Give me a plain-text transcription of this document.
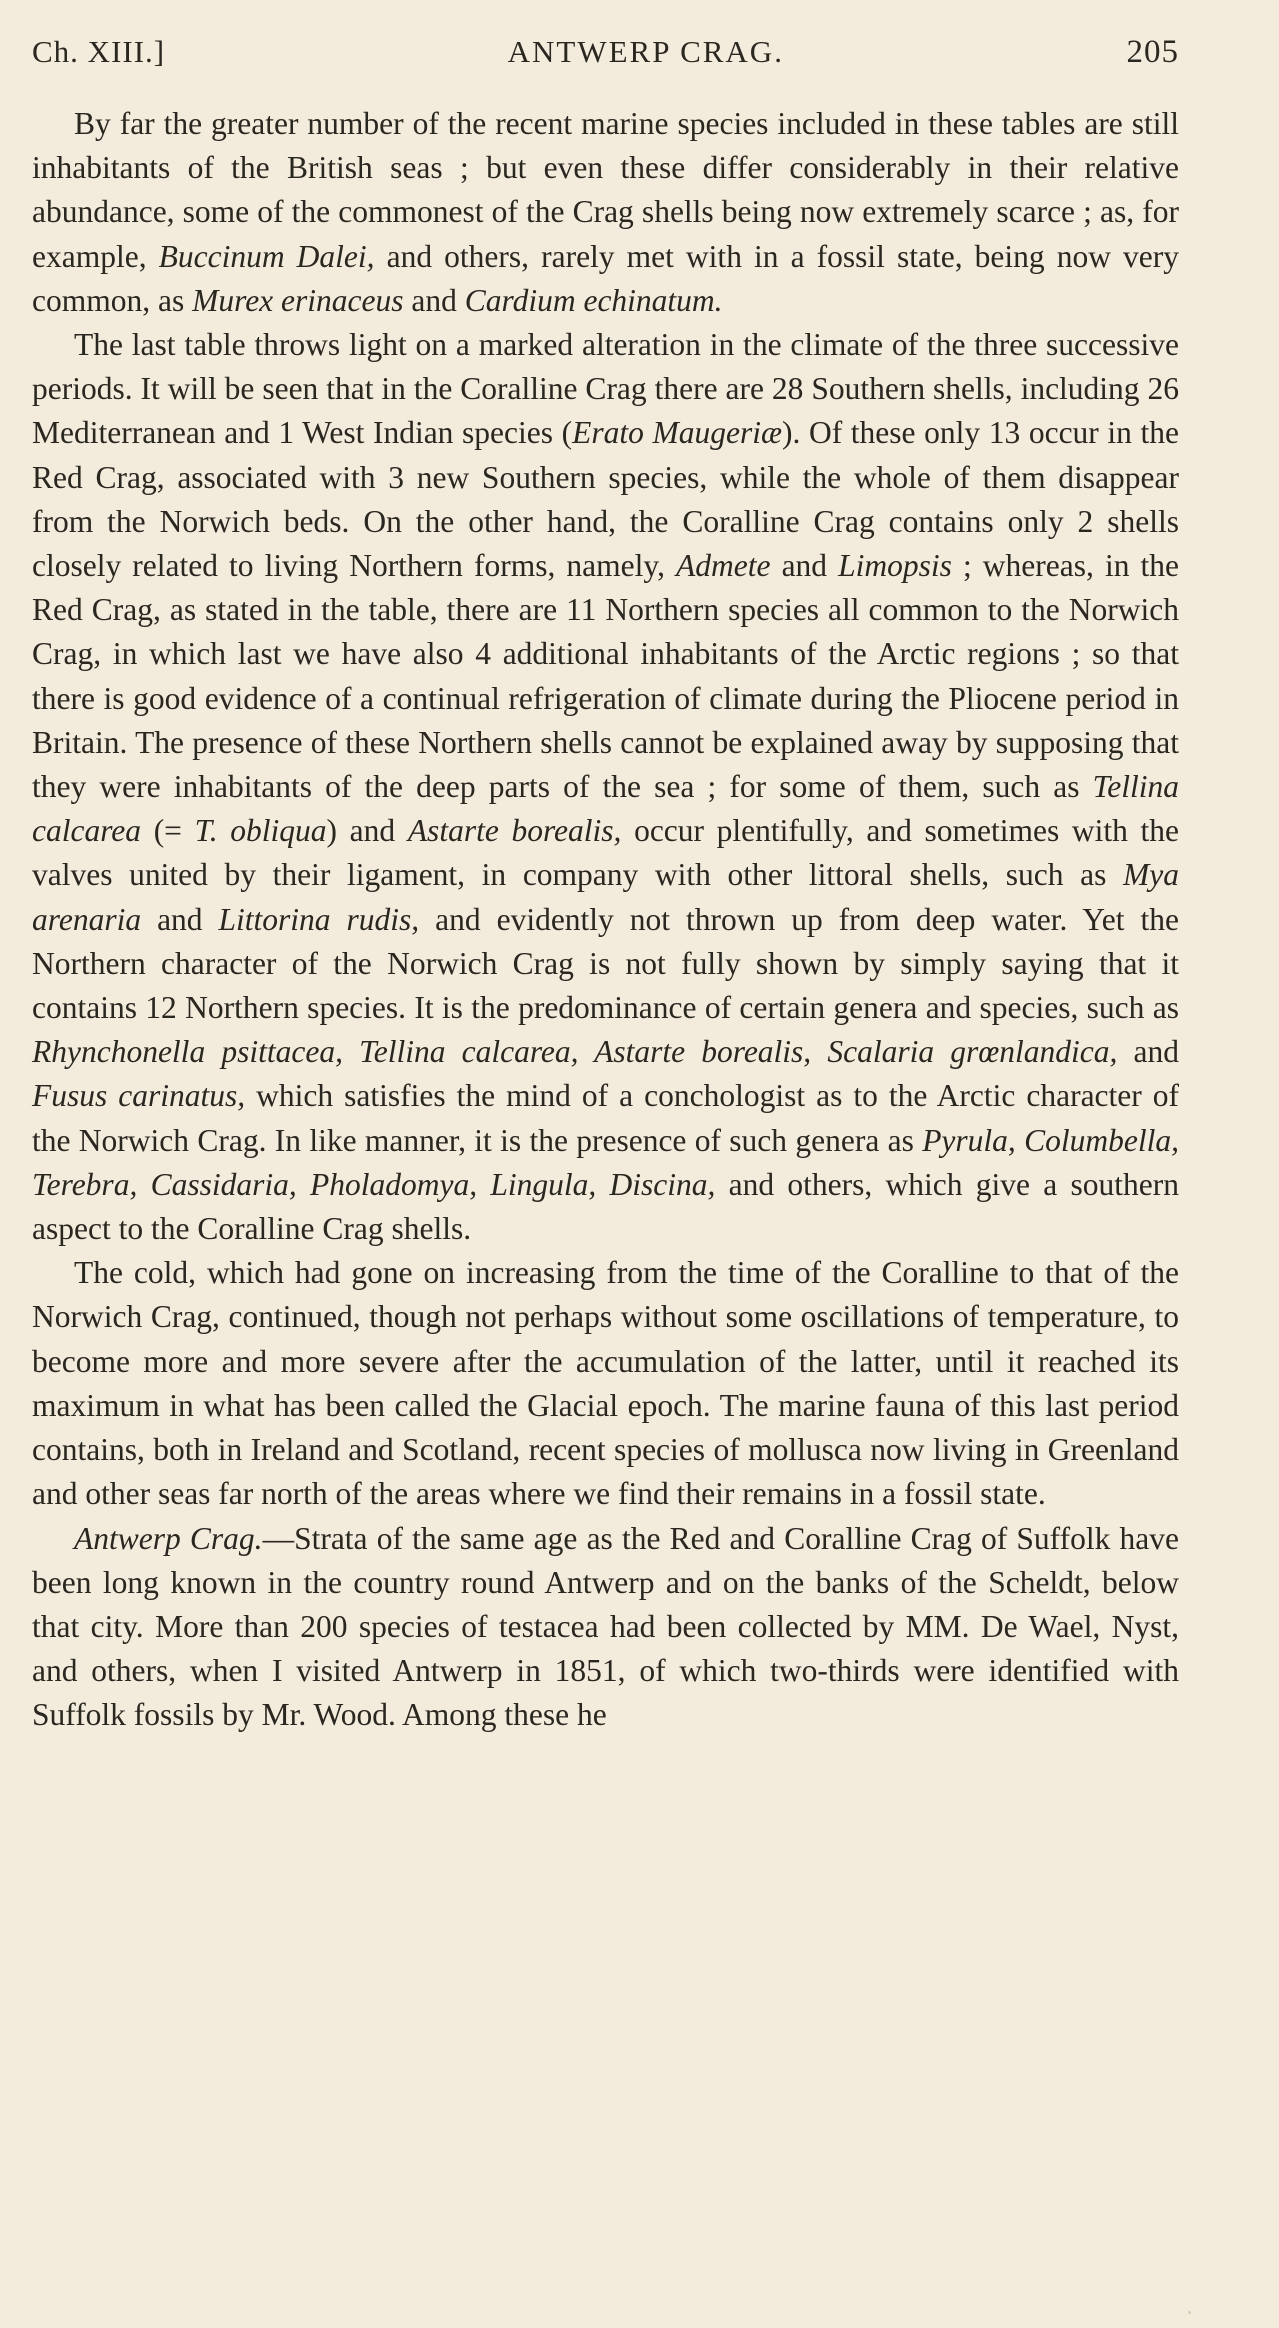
Ch. XIII.]	ANTWERP CRAG.	205

By far the greater number of the recent marine species included in these tables are still inhabitants of the British seas ; but even these differ considerably in their relative abundance, some of the commonest of the Crag shells being now extremely scarce ; as, for example, Buccinum Dalei, and others, rarely met with in a fossil state, being now very common, as Murex erinaceus and Cardium echinatum.

The last table throws light on a marked alteration in the climate of the three successive periods. It will be seen that in the Coralline Crag there are 28 Southern shells, including 26 Mediterranean and 1 West Indian species (Erato Maugeriæ). Of these only 13 occur in the Red Crag, associated with 3 new Southern species, while the whole of them disappear from the Norwich beds. On the other hand, the Coralline Crag contains only 2 shells closely related to living Northern forms, namely, Admete and Limopsis ; whereas, in the Red Crag, as stated in the table, there are 11 Northern species all common to the Norwich Crag, in which last we have also 4 additional inhabitants of the Arctic regions ; so that there is good evidence of a continual refrigeration of climate during the Pliocene period in Britain. The presence of these Northern shells cannot be explained away by supposing that they were inhabitants of the deep parts of the sea ; for some of them, such as Tellina calcarea (= T. obliqua) and Astarte borealis, occur plentifully, and sometimes with the valves united by their ligament, in company with other littoral shells, such as Mya arenaria and Littorina rudis, and evidently not thrown up from deep water. Yet the Northern character of the Norwich Crag is not fully shown by simply saying that it contains 12 Northern species. It is the predominance of certain genera and species, such as Rhynchonella psittacea, Tellina calcarea, Astarte borealis, Scalaria grœnlandica, and Fusus carinatus, which satisfies the mind of a conchologist as to the Arctic character of the Norwich Crag. In like manner, it is the presence of such genera as Pyrula, Columbella, Terebra, Cassidaria, Pholadomya, Lingula, Discina, and others, which give a southern aspect to the Coralline Crag shells.

The cold, which had gone on increasing from the time of the Coralline to that of the Norwich Crag, continued, though not perhaps without some oscillations of temperature, to become more and more severe after the accumulation of the latter, until it reached its maximum in what has been called the Glacial epoch. The marine fauna of this last period contains, both in Ireland and Scotland, recent species of mollusca now living in Greenland and other seas far north of the areas where we find their remains in a fossil state.

Antwerp Crag.—Strata of the same age as the Red and Coralline Crag of Suffolk have been long known in the country round Antwerp and on the banks of the Scheldt, below that city. More than 200 species of testacea had been collected by MM. De Wael, Nyst, and others, when I visited Antwerp in 1851, of which two-thirds were identified with Suffolk fossils by Mr. Wood. Among these he
